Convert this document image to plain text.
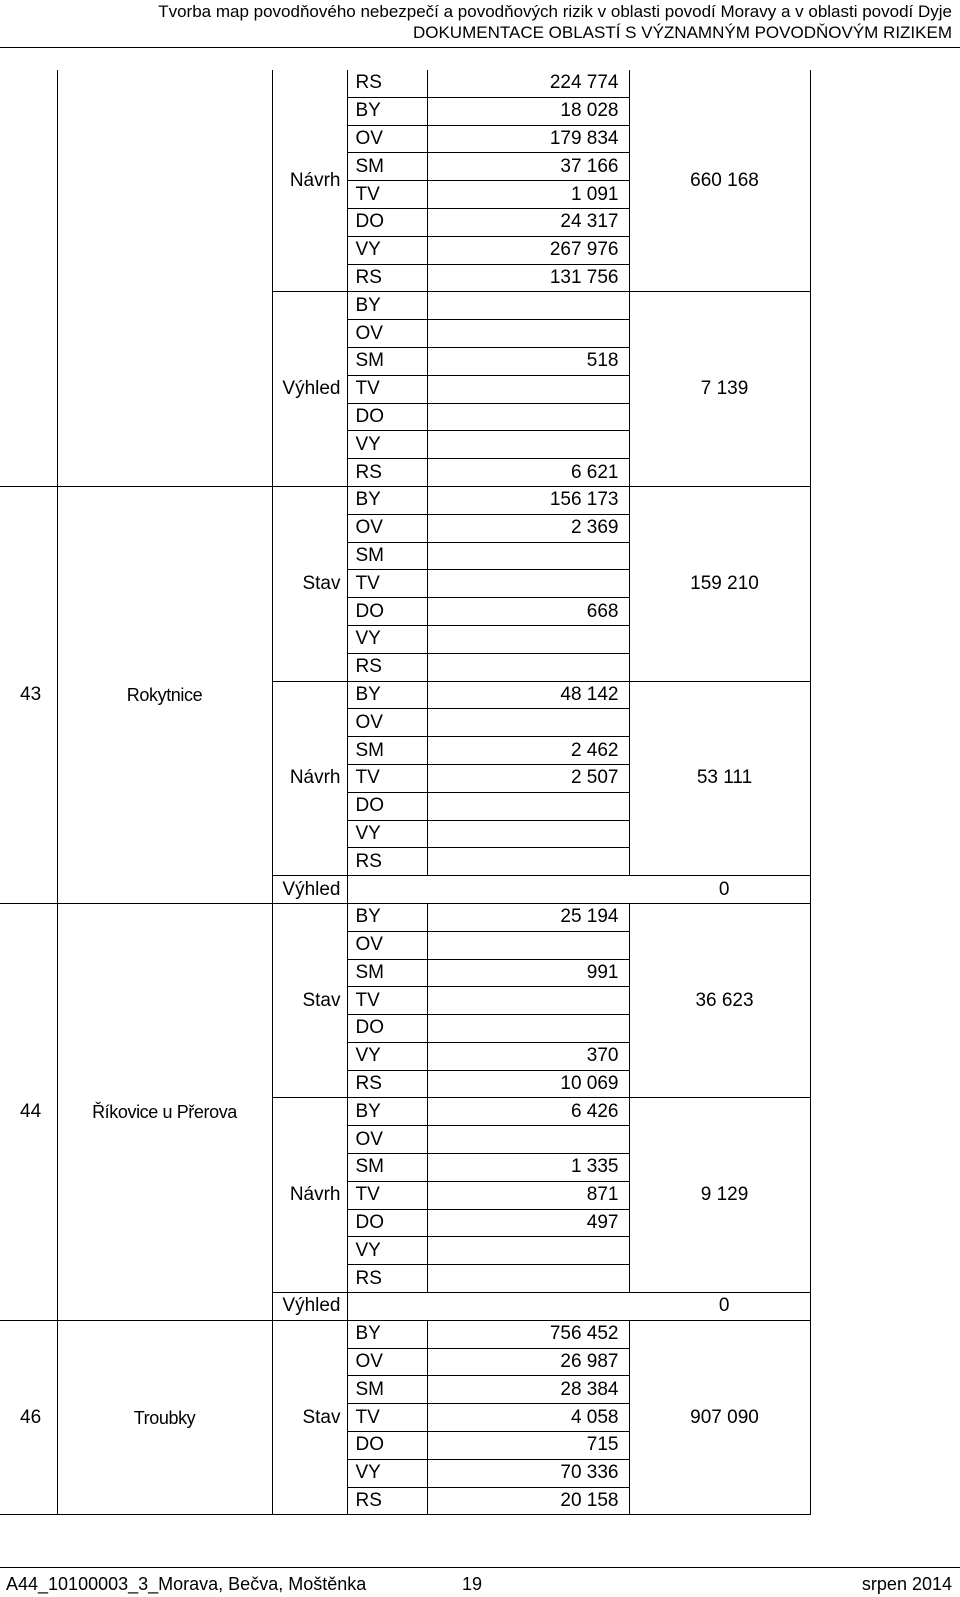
Tvorba map povodňového nebezpečí a povodňových rizik v oblasti povodí Moravy a v oblasti povodí Dyje
DOKUMENTACE OBLASTÍ S VÝZNAMNÝM POVODŇOVÝM RIZIKEM
		Návrh	RS	224 774	660 168
			BY	18 028	
			OV	179 834	
			SM	37 166	
			TV	1 091	
			DO	24 317	
			VY	267 976	
			RS	131 756	
		Výhled	BY		7 139
			OV		
			SM	518	
			TV		
			DO		
			VY		
			RS	6 621	
43	Rokytnice	Stav	BY	156 173	159 210
			OV	2 369	
			SM		
			TV		
			DO	668	
			VY		
			RS		
		Návrh	BY	48 142	53 111
			OV		
			SM	2 462	
			TV	2 507	
			DO		
			VY		
			RS		
		Výhled	0		
44	Říkovice u Přerova	Stav	BY	25 194	36 623
			OV		
			SM	991	
			TV		
			DO		
			VY	370	
			RS	10 069	
		Návrh	BY	6 426	9 129
			OV		
			SM	1 335	
			TV	871	
			DO	497	
			VY		
			RS		
		Výhled	0		
46	Troubky	Stav	BY	756 452	907 090
			OV	26 987	
			SM	28 384	
			TV	4 058	
			DO	715	
			VY	70 336	
			RS	20 158	
A44_10100003_3_Morava, Bečva, Moštěnka	19	srpen 2014
